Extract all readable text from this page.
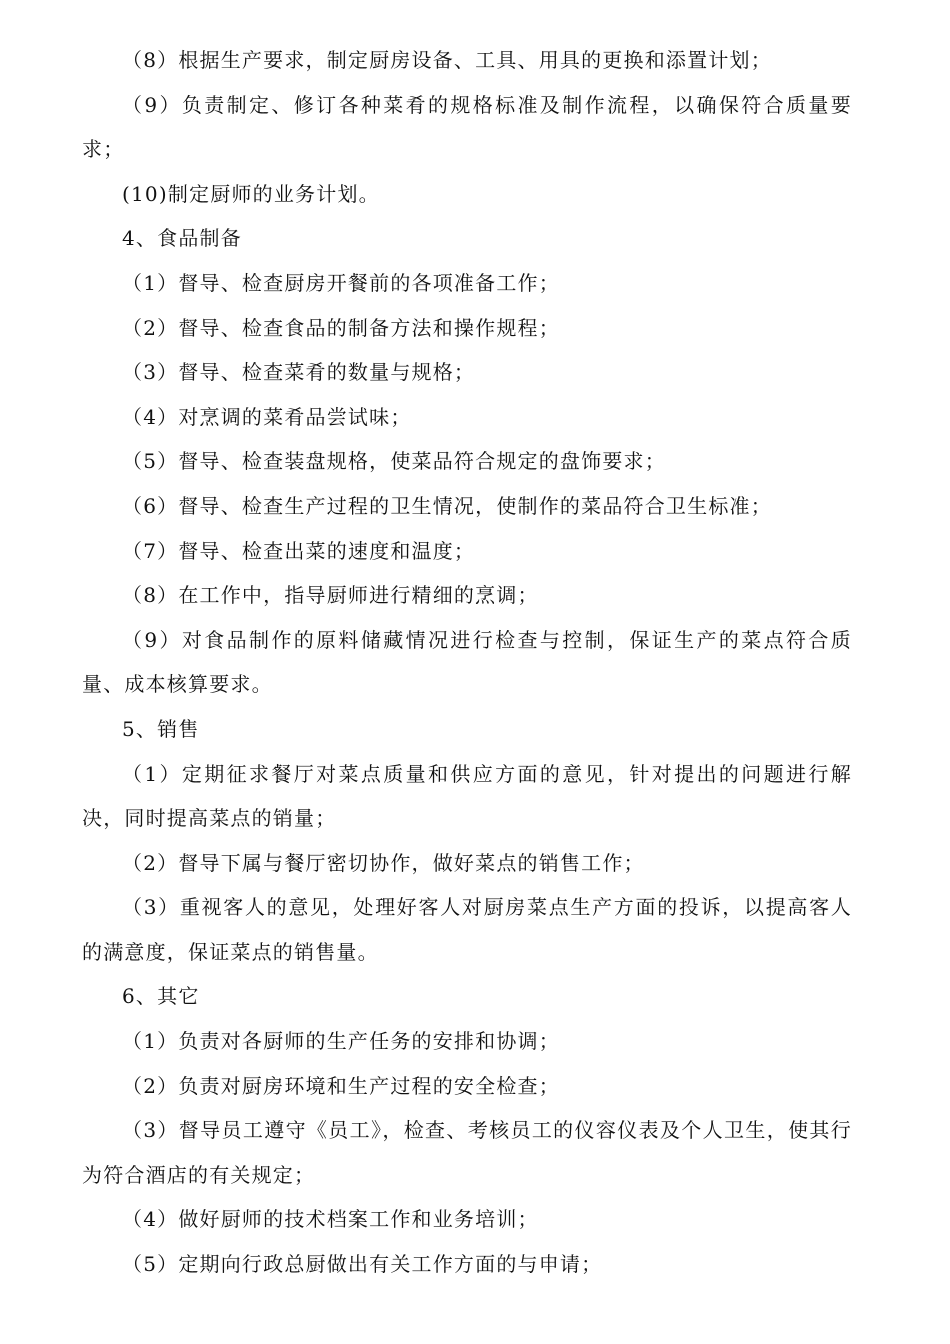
（8）根据生产要求，制定厨房设备、工具、用具的更换和添置计划；

（9）负责制定、修订各种菜肴的规格标准及制作流程，以确保符合质量要求；

(10)制定厨师的业务计划。

4、食品制备

（1）督导、检查厨房开餐前的各项准备工作；

（2）督导、检查食品的制备方法和操作规程；

（3）督导、检查菜肴的数量与规格；

（4）对烹调的菜肴品尝试味；

（5）督导、检查装盘规格，使菜品符合规定的盘饰要求；

（6）督导、检查生产过程的卫生情况，使制作的菜品符合卫生标准；

（7）督导、检查出菜的速度和温度；

（8）在工作中，指导厨师进行精细的烹调；

（9）对食品制作的原料储藏情况进行检查与控制，保证生产的菜点符合质量、成本核算要求。

5、销售

（1）定期征求餐厅对菜点质量和供应方面的意见，针对提出的问题进行解决，同时提高菜点的销量；

（2）督导下属与餐厅密切协作，做好菜点的销售工作；

（3）重视客人的意见，处理好客人对厨房菜点生产方面的投诉，以提高客人的满意度，保证菜点的销售量。

6、其它

（1）负责对各厨师的生产任务的安排和协调；

（2）负责对厨房环境和生产过程的安全检查；

（3）督导员工遵守《员工》，检查、考核员工的仪容仪表及个人卫生，使其行为符合酒店的有关规定；

（4）做好厨师的技术档案工作和业务培训；

（5）定期向行政总厨做出有关工作方面的与申请；
